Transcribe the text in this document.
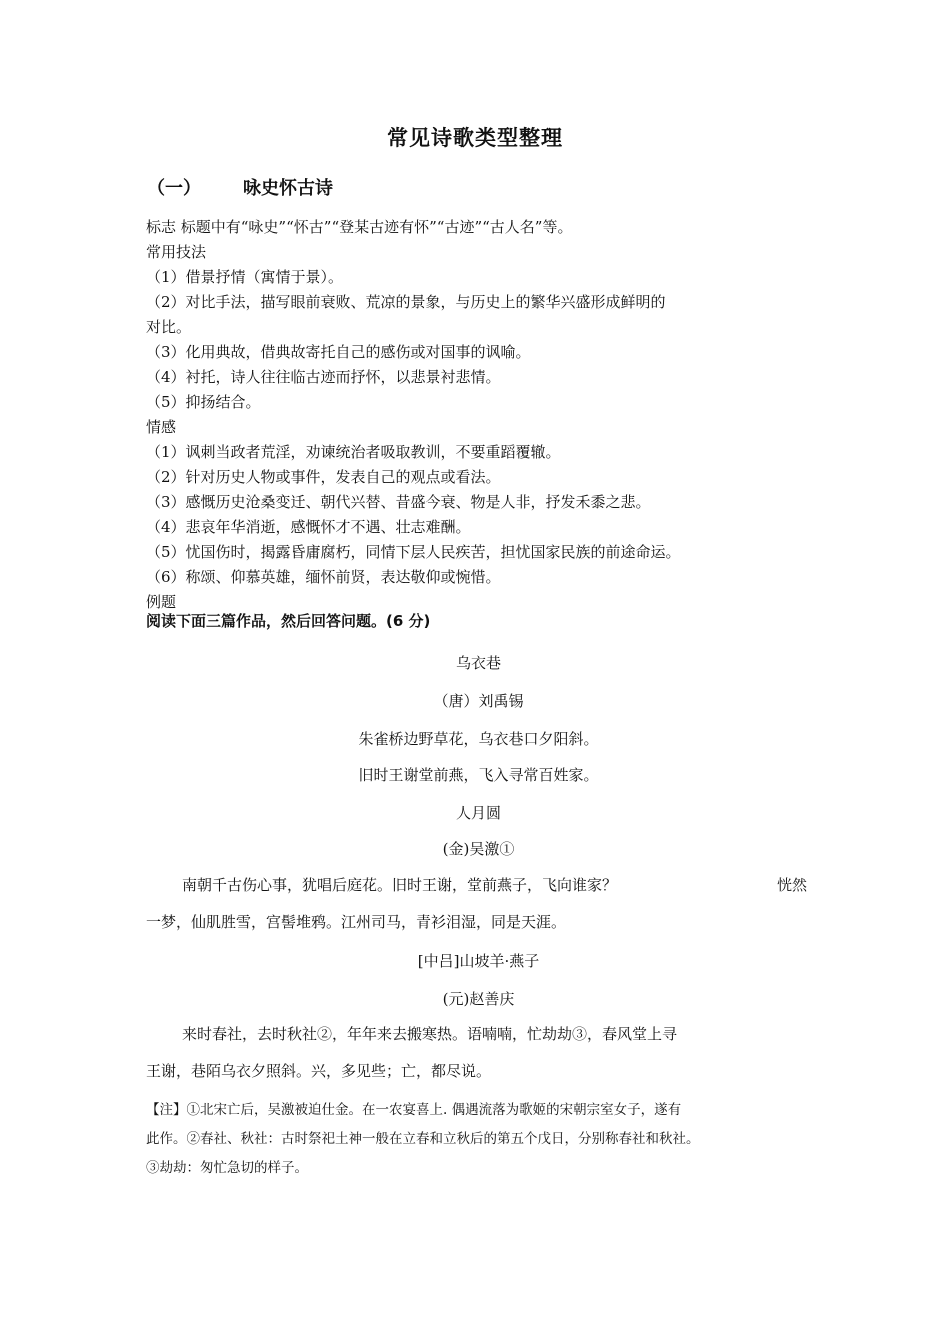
常见诗歌类型整理
（一） 咏史怀古诗
标志 标题中有“咏史”“怀古”“登某古迹有怀”“古迹”“古人名”等。
常用技法
（1）借景抒情（寓情于景）。
（2）对比手法，描写眼前衰败、荒凉的景象，与历史上的繁华兴盛形成鲜明的
对比。
（3）化用典故，借典故寄托自己的感伤或对国事的讽喻。
（4）衬托，诗人往往临古迹而抒怀，以悲景衬悲情。
（5）抑扬结合。
情感
（1）讽刺当政者荒淫，劝谏统治者吸取教训，不要重蹈覆辙。
（2）针对历史人物或事件，发表自己的观点或看法。
（3）感慨历史沧桑变迁、朝代兴替、昔盛今衰、物是人非，抒发禾黍之悲。
（4）悲哀年华消逝，感慨怀才不遇、壮志难酬。
（5）忧国伤时，揭露昏庸腐朽，同情下层人民疾苦，担忧国家民族的前途命运。
（6）称颂、仰慕英雄，缅怀前贤，表达敬仰或惋惜。
例题
阅读下面三篇作品，然后回答问题。(6 分)
乌衣巷
（唐）刘禹锡
朱雀桥边野草花，乌衣巷口夕阳斜。
旧时王谢堂前燕，飞入寻常百姓家。
人月圆
(金)吴激①
南朝千古伤心事，犹唱后庭花。旧时王谢，堂前燕子，飞向谁家？	恍然
一梦，仙肌胜雪，宫髻堆鸦。江州司马，青衫泪湿，同是天涯。
[中吕]山坡羊·燕子
(元)赵善庆
来时春社，去时秋社②，年年来去搬寒热。语喃喃，忙劫劫③，春风堂上寻
王谢，巷陌乌衣夕照斜。兴，多见些；亡，都尽说。
【注】①北宋亡后，吴激被迫仕金。在一农宴喜上. 偶遇流落为歌姬的宋朝宗室女子，遂有
此作。②春社、秋社：古时祭祀土神一般在立春和立秋后的第五个戊日，分别称春社和秋社。
③劫劫：匆忙急切的样子。
